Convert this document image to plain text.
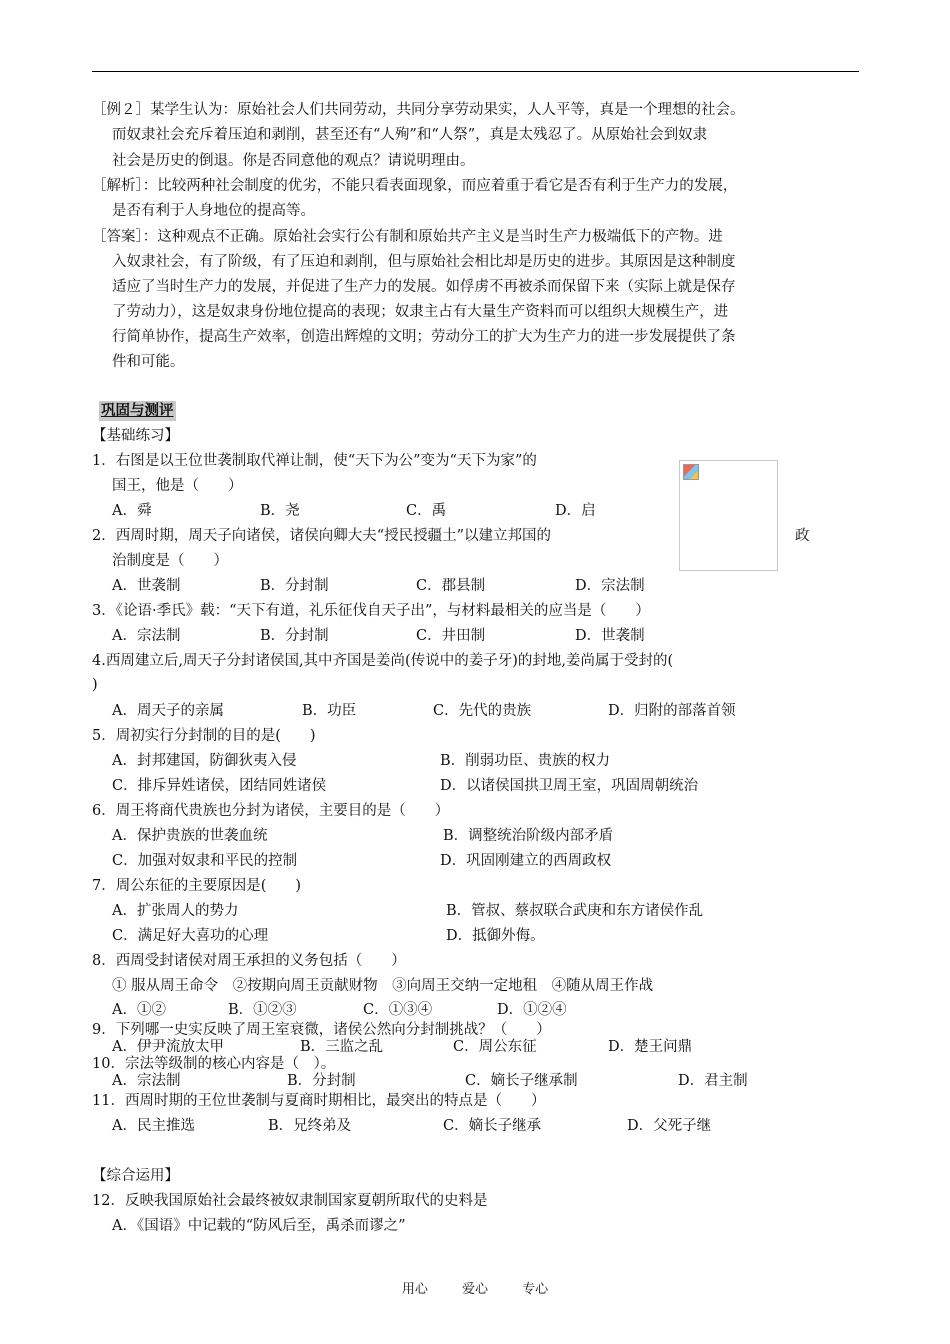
［例２］某学生认为：原始社会人们共同劳动，共同分享劳动果实，人人平等，真是一个理想的社会。
而奴隶社会充斥着压迫和剥削，甚至还有“人殉”和“人祭”，真是太残忍了。从原始社会到奴隶
社会是历史的倒退。你是否同意他的观点？请说明理由。
［解析］：比较两种社会制度的优劣，不能只看表面现象，而应着重于看它是否有利于生产力的发展，
是否有利于人身地位的提高等。
［答案］：这种观点不正确。原始社会实行公有制和原始共产主义是当时生产力极端低下的产物。进
入奴隶社会，有了阶级，有了压迫和剥削，但与原始社会相比却是历史的进步。其原因是这种制度
适应了当时生产力的发展，并促进了生产力的发展。如俘虏不再被杀而保留下来（实际上就是保存
了劳动力），这是奴隶身份地位提高的表现；奴隶主占有大量生产资料而可以组织大规模生产，进
行简单协作，提高生产效率，创造出辉煌的文明；劳动分工的扩大为生产力的进一步发展提供了条
件和可能。
巩固与测评
【基础练习】
1．右图是以王位世袭制取代禅让制，使“天下为公”变为“天下为家”的
国王，他是（　　）
A．舜	B．尧	C．禹	D．启
2．西周时期，周天子向诸侯，诸侯向卿大夫“授民授疆土”以建立邦国的	政
治制度是（　　）
A．世袭制	B．分封制	C．郡县制	D．宗法制
3．《论语·季氏》载：“天下有道，礼乐征伐自天子出”，与材料最相关的应当是（　　）
A．宗法制	B．分封制	C．井田制	D．世袭制
4.西周建立后,周天子分封诸侯国,其中齐国是姜尚(传说中的姜子牙)的封地,姜尚属于受封的(
)
A．周天子的亲属	B．功臣	C．先代的贵族	D．归附的部落首领
5．周初实行分封制的目的是(　　)
A．封邦建国，防御狄夷入侵	B．削弱功臣、贵族的权力
C．排斥异姓诸侯，团结同姓诸侯	D．以诸侯国拱卫周王室，巩固周朝统治
6．周王将商代贵族也分封为诸侯，主要目的是（　　）
A．保护贵族的世袭血统	B．调整统治阶级内部矛盾
C．加强对奴隶和平民的控制	D．巩固刚建立的西周政权
7．周公东征的主要原因是(　　)
A．扩张周人的势力	B．管叔、蔡叔联合武庚和东方诸侯作乱
C．满足好大喜功的心理	D．抵御外侮。
8．西周受封诸侯对周王承担的义务包括（　　）
① 服从周王命令　②按期向周王贡献财物　③向周王交纳一定地租　④随从周王作战
A．①②	B．①②③	C．①③④	D．①②④
9．下列哪一史实反映了周王室衰微，诸侯公然向分封制挑战？（　　）
A．伊尹流放太甲	B．三监之乱	C．周公东征	D．楚王问鼎
10．宗法等级制的核心内容是（　）。
A．宗法制	B．分封制	C．嫡长子继承制	D．君主制
11．西周时期的王位世袭制与夏商时期相比，最突出的特点是（　　）
A．民主推选	B．兄终弟及	C．嫡长子继承	D．父死子继
【综合运用】
12．反映我国原始社会最终被奴隶制国家夏朝所取代的史料是
A．《国语》中记载的“防风后至，禹杀而谬之”
用心	爱心	专心
